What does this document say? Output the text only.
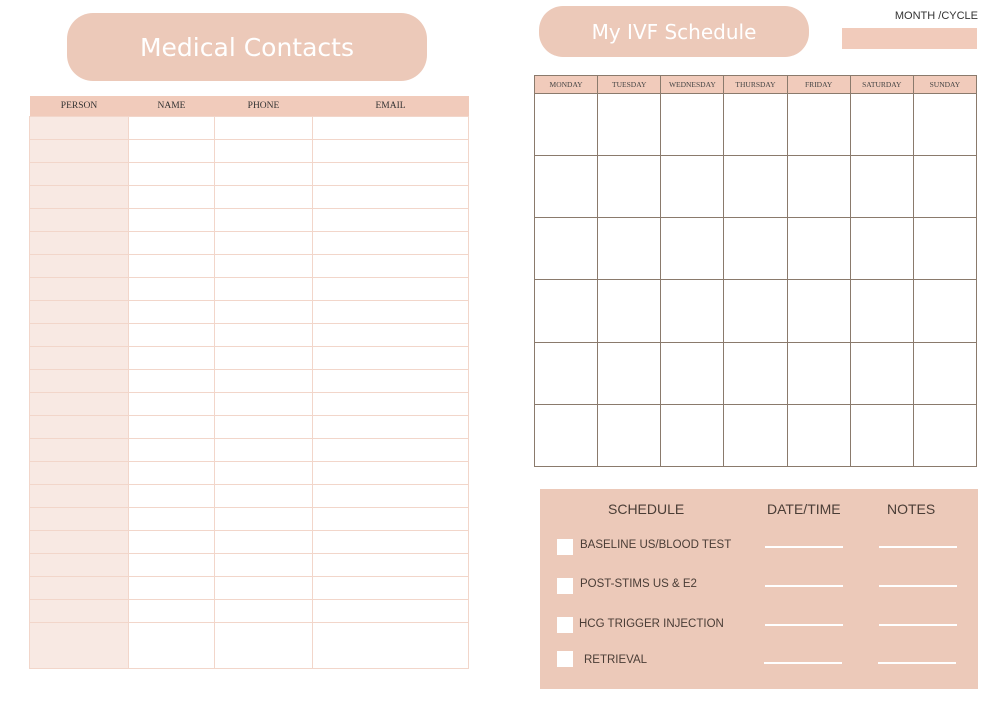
Medical Contacts
PERSON	NAME	PHONE	EMAIL

MONTH /CYCLE
My IVF Schedule
MONDAY	TUESDAY	WEDNESDAY	THURSDAY	FRIDAY	SATURDAY	SUNDAY

SCHEDULE	DATE/TIME	NOTES
BASELINE US/BLOOD TEST
POST-STIMS US & E2
HCG TRIGGER INJECTION
RETRIEVAL
